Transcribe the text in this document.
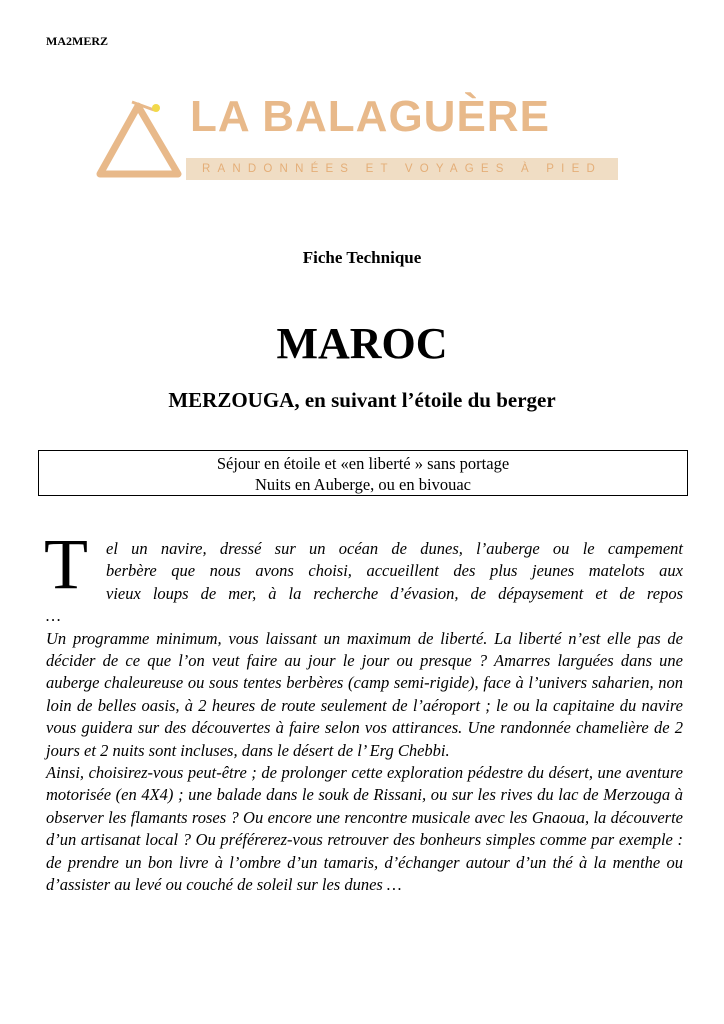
MA2MERZ
LA BALAGUÈRE
RANDONNÉES ET VOYAGES À PIED
Fiche Technique
MAROC
MERZOUGA, en suivant l’étoile du berger
Séjour en étoile et «en liberté » sans portage
Nuits en Auberge, ou en bivouac
T	el un navire, dressé sur un océan de dunes, l’auberge ou le campement
berbère que nous avons choisi, accueillent des plus jeunes matelots aux
vieux loups de mer, à la recherche d’évasion, de dépaysement et de repos
…
Un programme minimum, vous laissant un maximum de liberté. La liberté n’est elle pas de décider de ce que l’on veut faire au jour le jour ou presque ? Amarres larguées dans une auberge chaleureuse ou sous tentes berbères (camp semi-rigide), face à l’univers saharien, non loin de belles oasis, à 2 heures de route seulement de l’aéroport ; le ou la capitaine du navire vous guidera sur des découvertes à faire selon vos attirances. Une randonnée chamelière de 2 jours et 2 nuits sont incluses, dans le désert de l’ Erg Chebbi.
Ainsi, choisirez-vous peut-être ; de prolonger cette exploration pédestre du désert, une aventure motorisée (en 4X4) ; une balade dans le souk de Rissani, ou sur les rives du lac de Merzouga à observer les flamants roses ? Ou encore une rencontre musicale avec les Gnaoua, la découverte d’un artisanat local ? Ou préférerez-vous retrouver des bonheurs simples comme par exemple : de prendre un bon livre à l’ombre d’un tamaris, d’échanger autour d’un thé à la menthe ou d’assister au levé ou couché de soleil sur les dunes …
